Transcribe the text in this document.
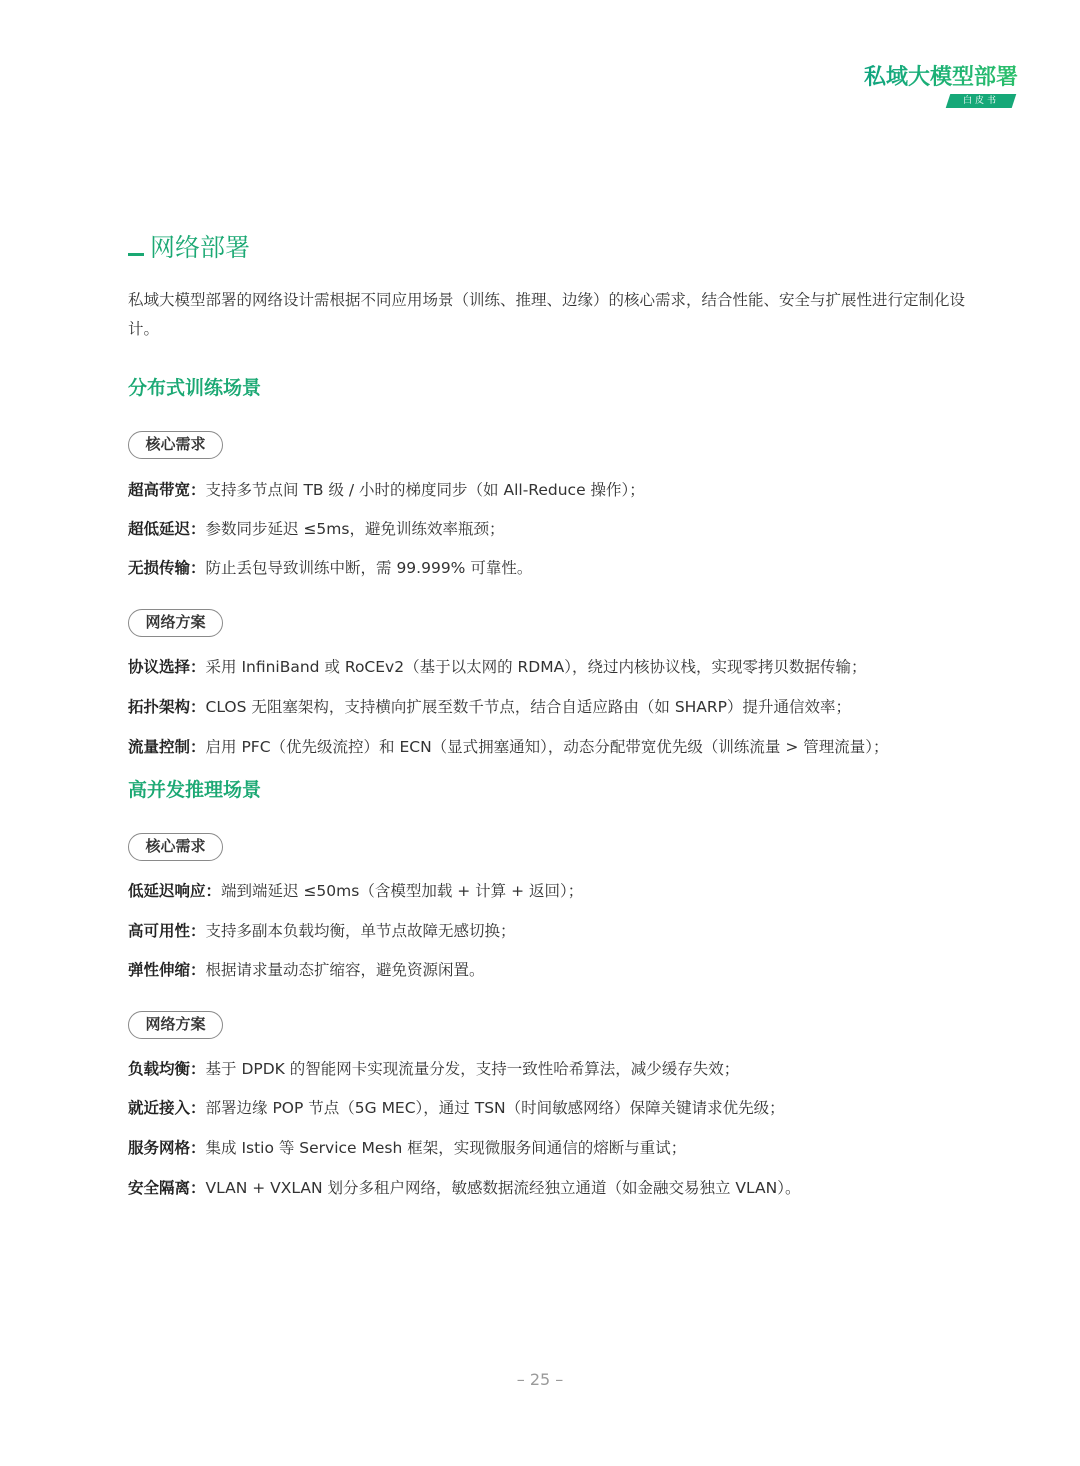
私域大模型部署
白皮书
网络部署
私域大模型部署的网络设计需根据不同应用场景（训练、推理、边缘）的核心需求，结合性能、安全与扩展性进行定制化设计。
分布式训练场景
核心需求
超高带宽：支持多节点间 TB 级 / 小时的梯度同步（如 All-Reduce 操作）；
超低延迟：参数同步延迟 ≤5ms，避免训练效率瓶颈；
无损传输：防止丢包导致训练中断，需 99.999% 可靠性。
网络方案
协议选择：采用 InfiniBand 或 RoCEv2（基于以太网的 RDMA），绕过内核协议栈，实现零拷贝数据传输；
拓扑架构：CLOS 无阻塞架构，支持横向扩展至数千节点，结合自适应路由（如 SHARP）提升通信效率；
流量控制：启用 PFC（优先级流控）和 ECN（显式拥塞通知），动态分配带宽优先级（训练流量 > 管理流量）；
高并发推理场景
核心需求
低延迟响应：端到端延迟 ≤50ms（含模型加载 + 计算 + 返回）；
高可用性：支持多副本负载均衡，单节点故障无感切换；
弹性伸缩：根据请求量动态扩缩容，避免资源闲置。
网络方案
负载均衡：基于 DPDK 的智能网卡实现流量分发，支持一致性哈希算法，减少缓存失效；
就近接入：部署边缘 POP 节点（5G MEC），通过 TSN（时间敏感网络）保障关键请求优先级；
服务网格：集成 Istio 等 Service Mesh 框架，实现微服务间通信的熔断与重试；
安全隔离：VLAN + VXLAN 划分多租户网络，敏感数据流经独立通道（如金融交易独立 VLAN）。
– 25 –
